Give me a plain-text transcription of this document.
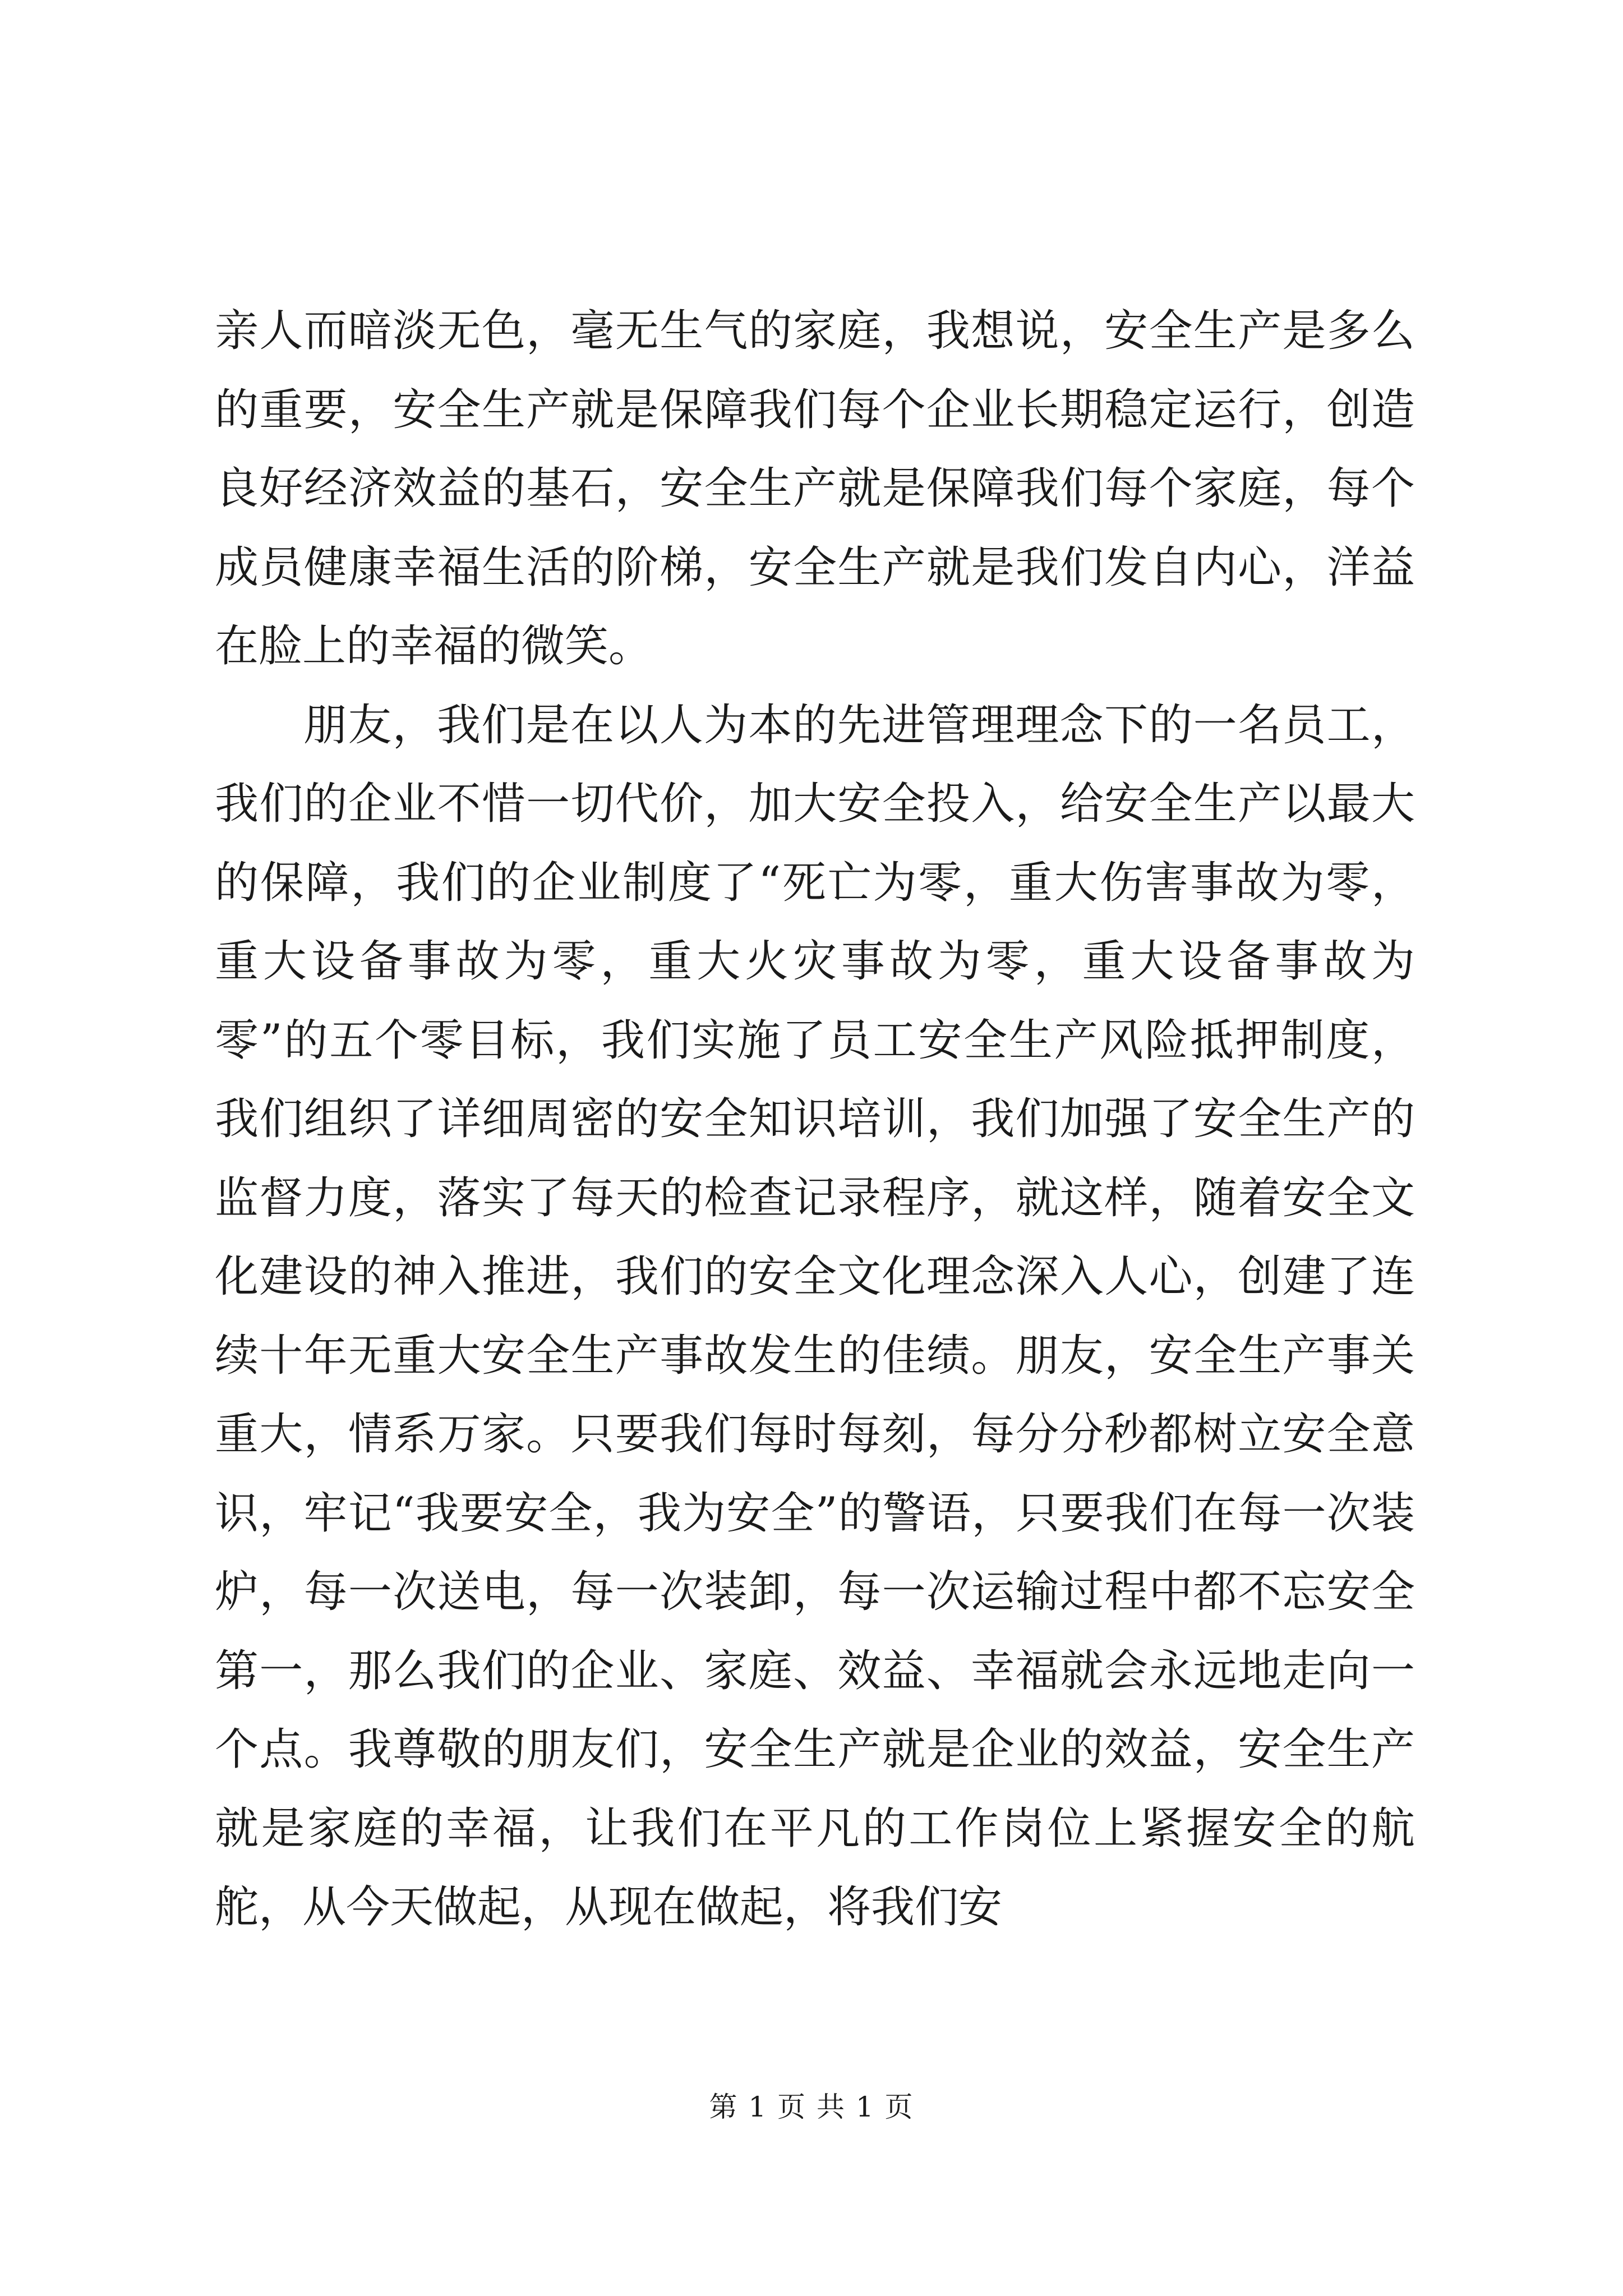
亲人而暗淡无色，毫无生气的家庭，我想说，安全生产是多么的重要，安全生产就是保障我们每个企业长期稳定运行，创造良好经济效益的基石，安全生产就是保障我们每个家庭，每个成员健康幸福生活的阶梯，安全生产就是我们发自内心，洋益在脸上的幸福的微笑。

朋友，我们是在以人为本的先进管理理念下的一名员工，我们的企业不惜一切代价，加大安全投入，给安全生产以最大的保障，我们的企业制度了“死亡为零，重大伤害事故为零，重大设备事故为零，重大火灾事故为零，重大设备事故为零”的五个零目标，我们实施了员工安全生产风险抵押制度，我们组织了详细周密的安全知识培训，我们加强了安全生产的监督力度，落实了每天的检查记录程序，就这样，随着安全文化建设的神入推进，我们的安全文化理念深入人心，创建了连续十年无重大安全生产事故发生的佳绩。朋友，安全生产事关重大，情系万家。只要我们每时每刻，每分分秒都树立安全意识，牢记“我要安全，我为安全”的警语，只要我们在每一次装炉，每一次送电，每一次装卸，每一次运输过程中都不忘安全第一，那么我们的企业、家庭、效益、幸福就会永远地走向一个点。我尊敬的朋友们，安全生产就是企业的效益，安全生产就是家庭的幸福，让我们在平凡的工作岗位上紧握安全的航舵，从今天做起，从现在做起，将我们安

第 1 页 共 1 页
